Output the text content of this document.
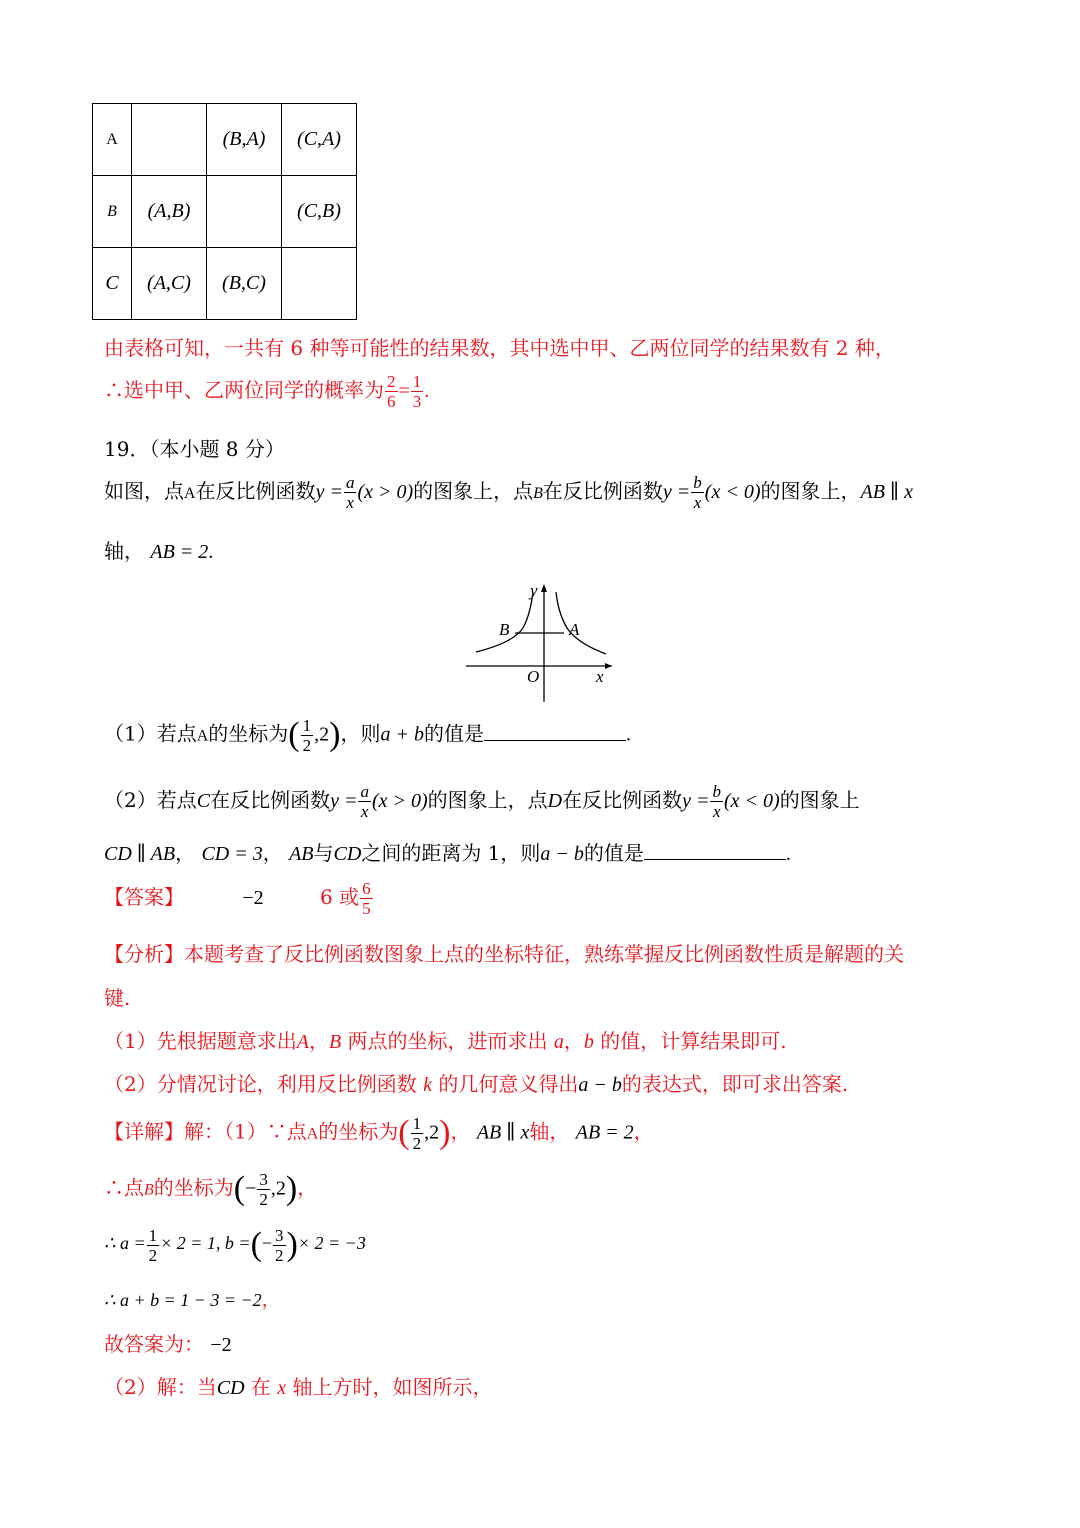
A		(B,A)	(C,A)
B	(A,B)		(C,B)
C	(A,C)	(B,C)	
由表格可知，一共有 6 种等可能性的结果数，其中选中甲、乙两位同学的结果数有 2 种，
∴选中甲、乙两位同学的概率为 $\frac{2}{6} = \frac{1}{3}$ .
19．（本小题 8 分）
如图，点A在反比例函数$y = \frac{a}{x} (x > 0)$的图象上，点B在反比例函数$y = \frac{b}{x} (x < 0)$的图象上，AB ∥ x
轴， AB = 2.
y
B	A
O	x
（1）若点A的坐标为( $\frac{1}{2} ,2$)，则a + b的值是	.
（2）若点C在反比例函数$y = \frac{a}{x} (x > 0)$的图象上，点D在反比例函数$y = \frac{b}{x} (x < 0)$的图象上
CD ∥ AB， CD = 3， AB与CD之间的距离为 1，则a − b的值是	.
【答案】	−2	6 或 $\frac{6}{5}$
【分析】本题考查了反比例函数图象上点的坐标特征，熟练掌握反比例函数性质是解题的关
键.
（1）先根据题意求出A，B 两点的坐标，进而求出 a，b 的值，计算结果即可.
（2）分情况讨论，利用反比例函数 k 的几何意义得出a − b的表达式，即可求出答案.
【详解】解：（1）∵点A的坐标为( $\frac{1}{2} ,2$)， AB ∥ x轴， AB = 2，
∴点B的坐标为(− $\frac{3}{2} ,2$)，
∴ $a = \frac{1}{2} \times 2 = 1$, b =(− $\frac{3}{2}$ )× 2 = −3
∴ a + b = 1 − 3 = −2，
故答案为： −2
（2）解：当CD 在 x 轴上方时，如图所示，
